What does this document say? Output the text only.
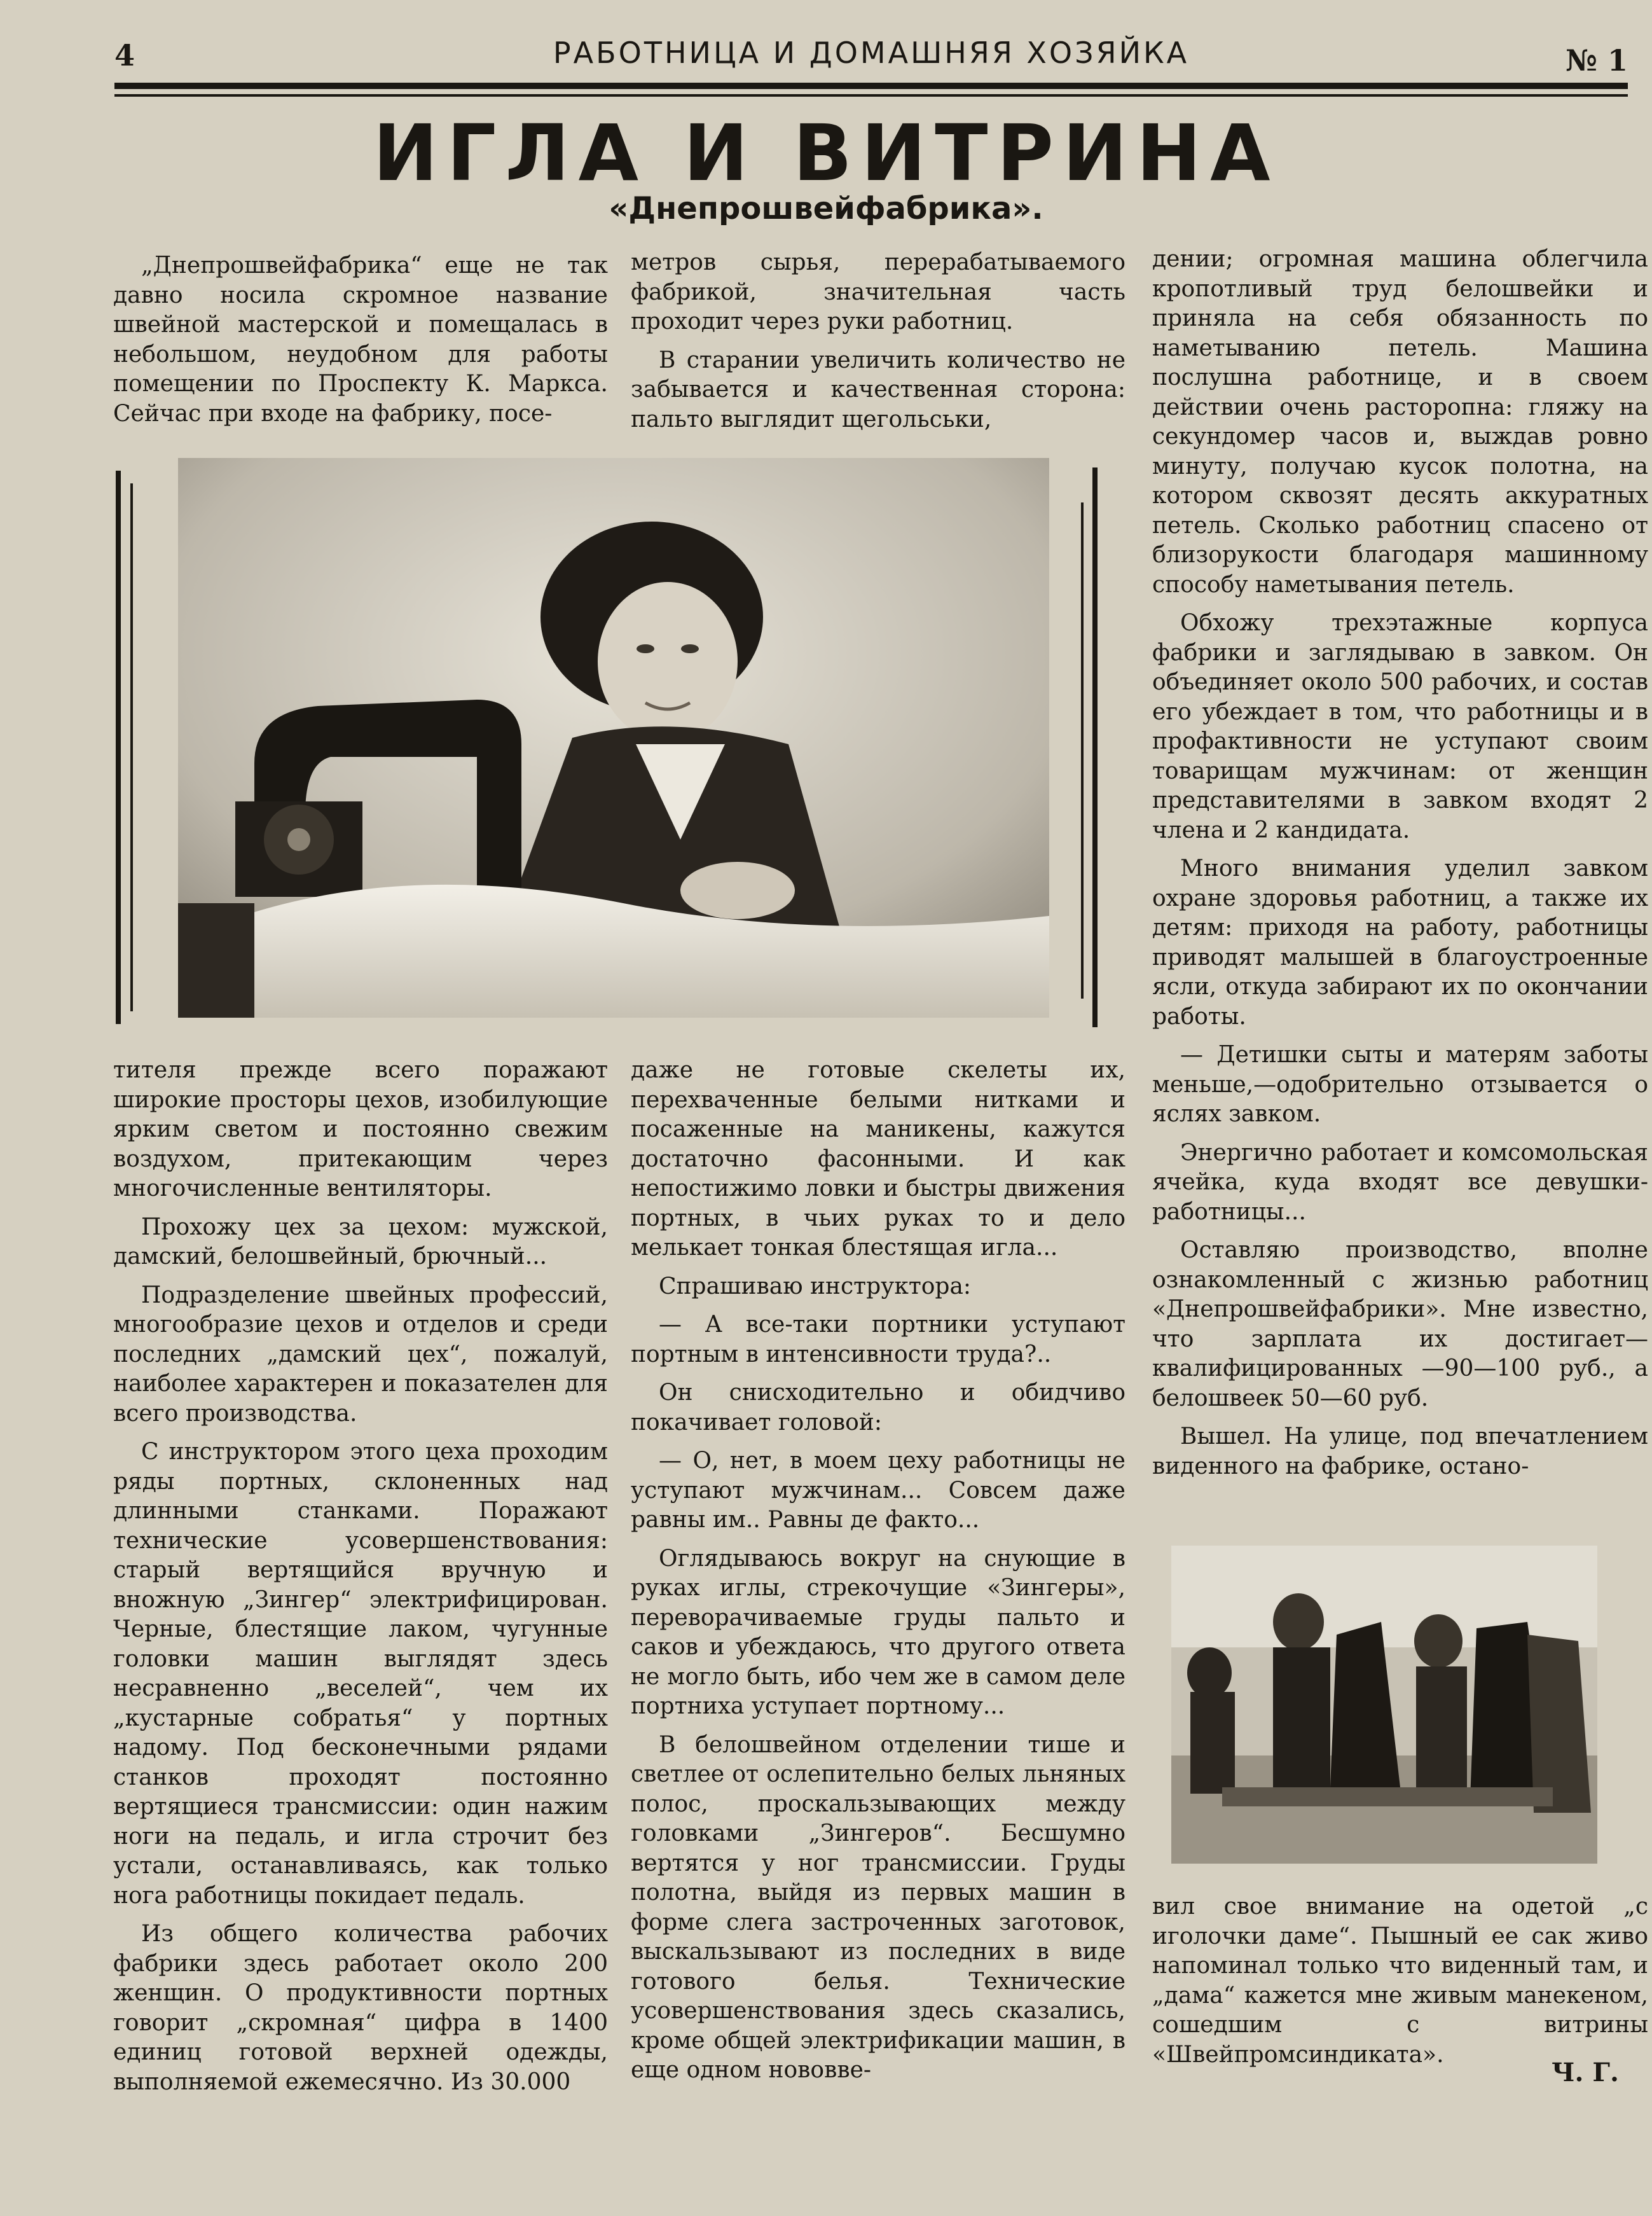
4	РАБОТНИЦА И ДОМАШНЯЯ ХОЗЯЙКА	№ 1
ИГЛА И ВИТРИНА
«Днепрошвейфабрика».

„Днепрошвейфабрика“ еще не так давно носила скромное название швейной мастерской и помещалась в небольшом, неудобном для работы помещении по Проспекту К. Маркса. Сейчас при входе на фабрику, посе-

метров сырья, перерабатываемого фабрикой, значительная часть проходит через руки работниц.

В старании увеличить количество не забывается и качественная сторона: пальто выглядит щегольськи,

тителя прежде всего поражают широкие просторы цехов, изобилующие ярким светом и постоянно свежим воздухом, притекающим через многочисленные вентиляторы.

Прохожу цех за цехом: мужской, дамский, белошвейный, брючный...

Подразделение швейных профессий, многообразие цехов и отделов и среди последних „дамский цех“, пожалуй, наиболее характерен и показателен для всего производства.

С инструктором этого цеха проходим ряды портных, склоненных над длинными станками. Поражают технические усовершенствования: старый вертящийся вручную и вножную „Зингер“ электрифицирован. Черные, блестящие лаком, чугунные головки машин выглядят здесь несравненно „веселей“, чем их „кустарные собратья“ у портных надому. Под бесконечными рядами станков проходят постоянно вертящиеся трансмиссии: один нажим ноги на педаль, и игла строчит без устали, останавливаясь, как только нога работницы покидает педаль.

Из общего количества рабочих фабрики здесь работает около 200 женщин. О продуктивности портных говорит „скромная“ цифра в 1400 единиц готовой верхней одежды, выполняемой ежемесячно. Из 30.000

даже не готовые скелеты их, перехваченные белыми нитками и посаженные на маникены, кажутся достаточно фасонными. И как непостижимо ловки и быстры движения портных, в чьих руках то и дело мелькает тонкая блестящая игла...

Спрашиваю инструктора:

— А все-таки портники уступают портным в интенсивности труда?..

Он снисходительно и обидчиво покачивает головой:

— О, нет, в моем цеху работницы не уступают мужчинам... Совсем даже равны им.. Равны де факто...

Оглядываюсь вокруг на снующие в руках иглы, стрекочущие «Зингеры», переворачиваемые груды пальто и саков и убеждаюсь, что другого ответа не могло быть, ибо чем же в самом деле портниха уступает портному...

В белошвейном отделении тише и светлее от ослепительно белых льняных полос, проскальзывающих между головками „Зингеров“. Бесшумно вертятся у ног трансмиссии. Груды полотна, выйдя из первых машин в форме слега застроченных заготовок, выскальзывают из последних в виде готового белья. Технические усовершенствования здесь сказались, кроме общей электрификации машин, в еще одном нововве-

дении; огромная машина облегчила кропотливый труд белошвейки и приняла на себя обязанность по наметыванию петель. Машина послушна работнице, и в своем действии очень расторопна: гляжу на секундомер часов и, выждав ровно минуту, получаю кусок полотна, на котором сквозят десять аккуратных петель. Сколько работниц спасено от близорукости благодаря машинному способу наметывания петель.

Обхожу трехэтажные корпуса фабрики и заглядываю в завком. Он объединяет около 500 рабочих, и состав его убеждает в том, что работницы и в профактивности не уступают своим товарищам мужчинам: от женщин представителями в завком входят 2 члена и 2 кандидата.

Много внимания уделил завком охране здоровья работниц, а также их детям: приходя на работу, работницы приводят малышей в благоустроенные ясли, откуда забирают их по окончании работы.

— Детишки сыты и матерям заботы меньше,—одобрительно отзывается о яслях завком.

Энергично работает и комсомольская ячейка, куда входят все девушки-работницы...

Оставляю производство, вполне ознакомленный с жизнью работниц «Днепрошвейфабрики». Мне известно, что зарплата их достигает—квалифицированных —90—100 руб., а белошвеек 50—60 руб.

Вышел. На улице, под впечатлением виденного на фабрике, остано-

вил свое внимание на одетой „с иголочки даме“. Пышный ее сак живо напоминал только что виденный там, и „дама“ кажется мне живым манекеном, сошедшим с витрины «Швейпромсиндиката».

Ч. Г.
